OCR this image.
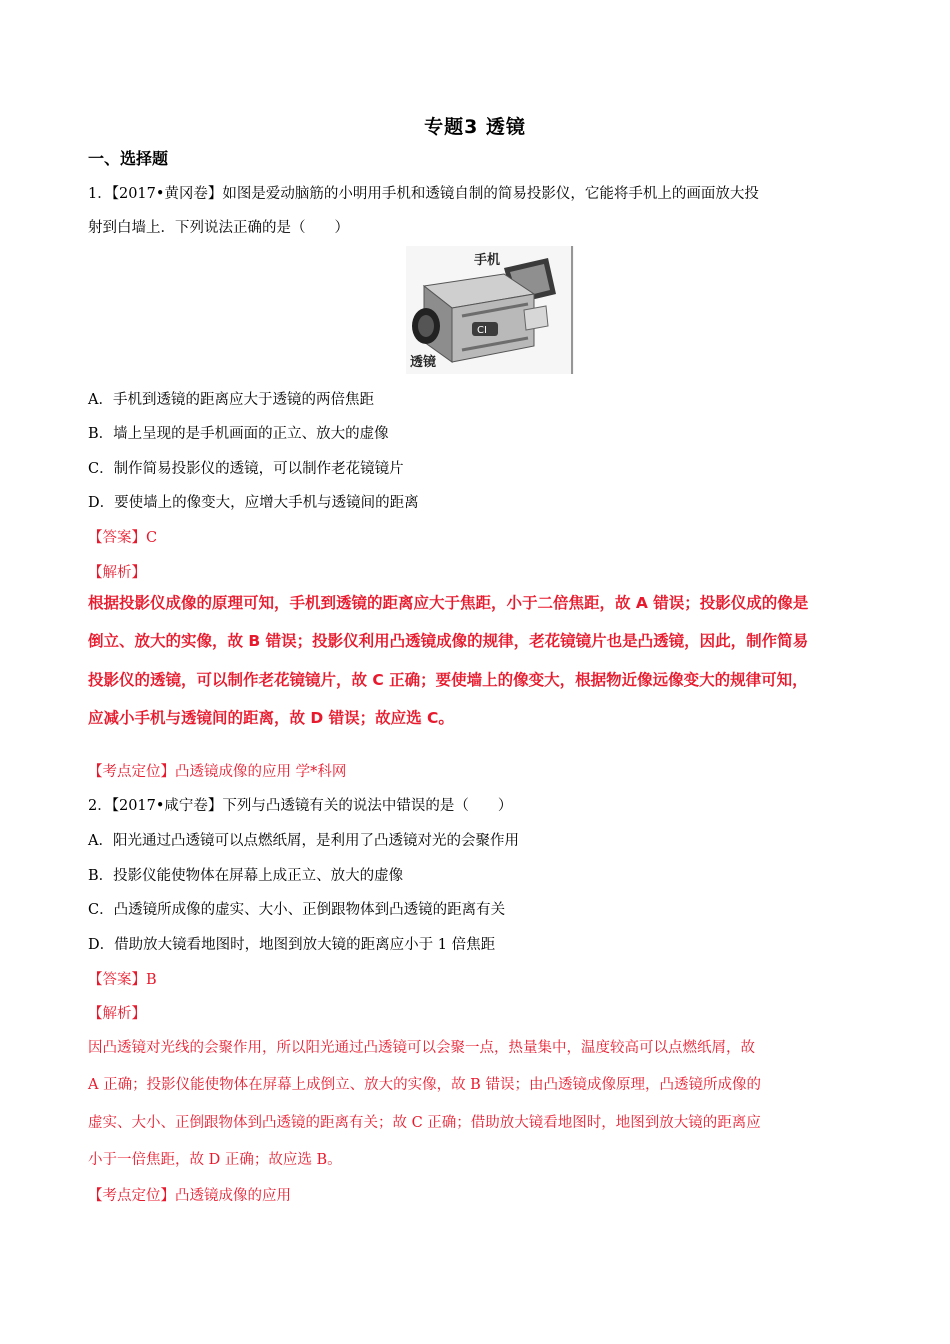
专题3 透镜
一、选择题
1．【2017•黄冈卷】如图是爱动脑筋的小明用手机和透镜自制的简易投影仪，它能将手机上的画面放大投
射到白墙上．下列说法正确的是（　　）
CI
手机
透镜
A．手机到透镜的距离应大于透镜的两倍焦距
B．墙上呈现的是手机画面的正立、放大的虚像
C．制作简易投影仪的透镜，可以制作老花镜镜片
D．要使墙上的像变大，应增大手机与透镜间的距离
【答案】C
【解析】
根据投影仪成像的原理可知，手机到透镜的距离应大于焦距，小于二倍焦距，故 A 错误；投影仪成的像是
倒立、放大的实像，故 B 错误；投影仪利用凸透镜成像的规律，老花镜镜片也是凸透镜，因此，制作简易
投影仪的透镜，可以制作老花镜镜片，故 C 正确；要使墙上的像变大，根据物近像远像变大的规律可知，
应减小手机与透镜间的距离，故 D 错误；故应选 C。
【考点定位】凸透镜成像的应用 学*科网
2．【2017•咸宁卷】下列与凸透镜有关的说法中错误的是（　　）
A．阳光通过凸透镜可以点燃纸屑，是利用了凸透镜对光的会聚作用
B．投影仪能使物体在屏幕上成正立、放大的虚像
C．凸透镜所成像的虚实、大小、正倒跟物体到凸透镜的距离有关
D．借助放大镜看地图时，地图到放大镜的距离应小于 1 倍焦距
【答案】B
【解析】
因凸透镜对光线的会聚作用，所以阳光通过凸透镜可以会聚一点，热量集中，温度较高可以点燃纸屑，故
A 正确；投影仪能使物体在屏幕上成倒立、放大的实像，故 B 错误；由凸透镜成像原理，凸透镜所成像的
虚实、大小、正倒跟物体到凸透镜的距离有关；故 C 正确；借助放大镜看地图时，地图到放大镜的距离应
小于一倍焦距，故 D 正确；故应选 B。
【考点定位】凸透镜成像的应用
